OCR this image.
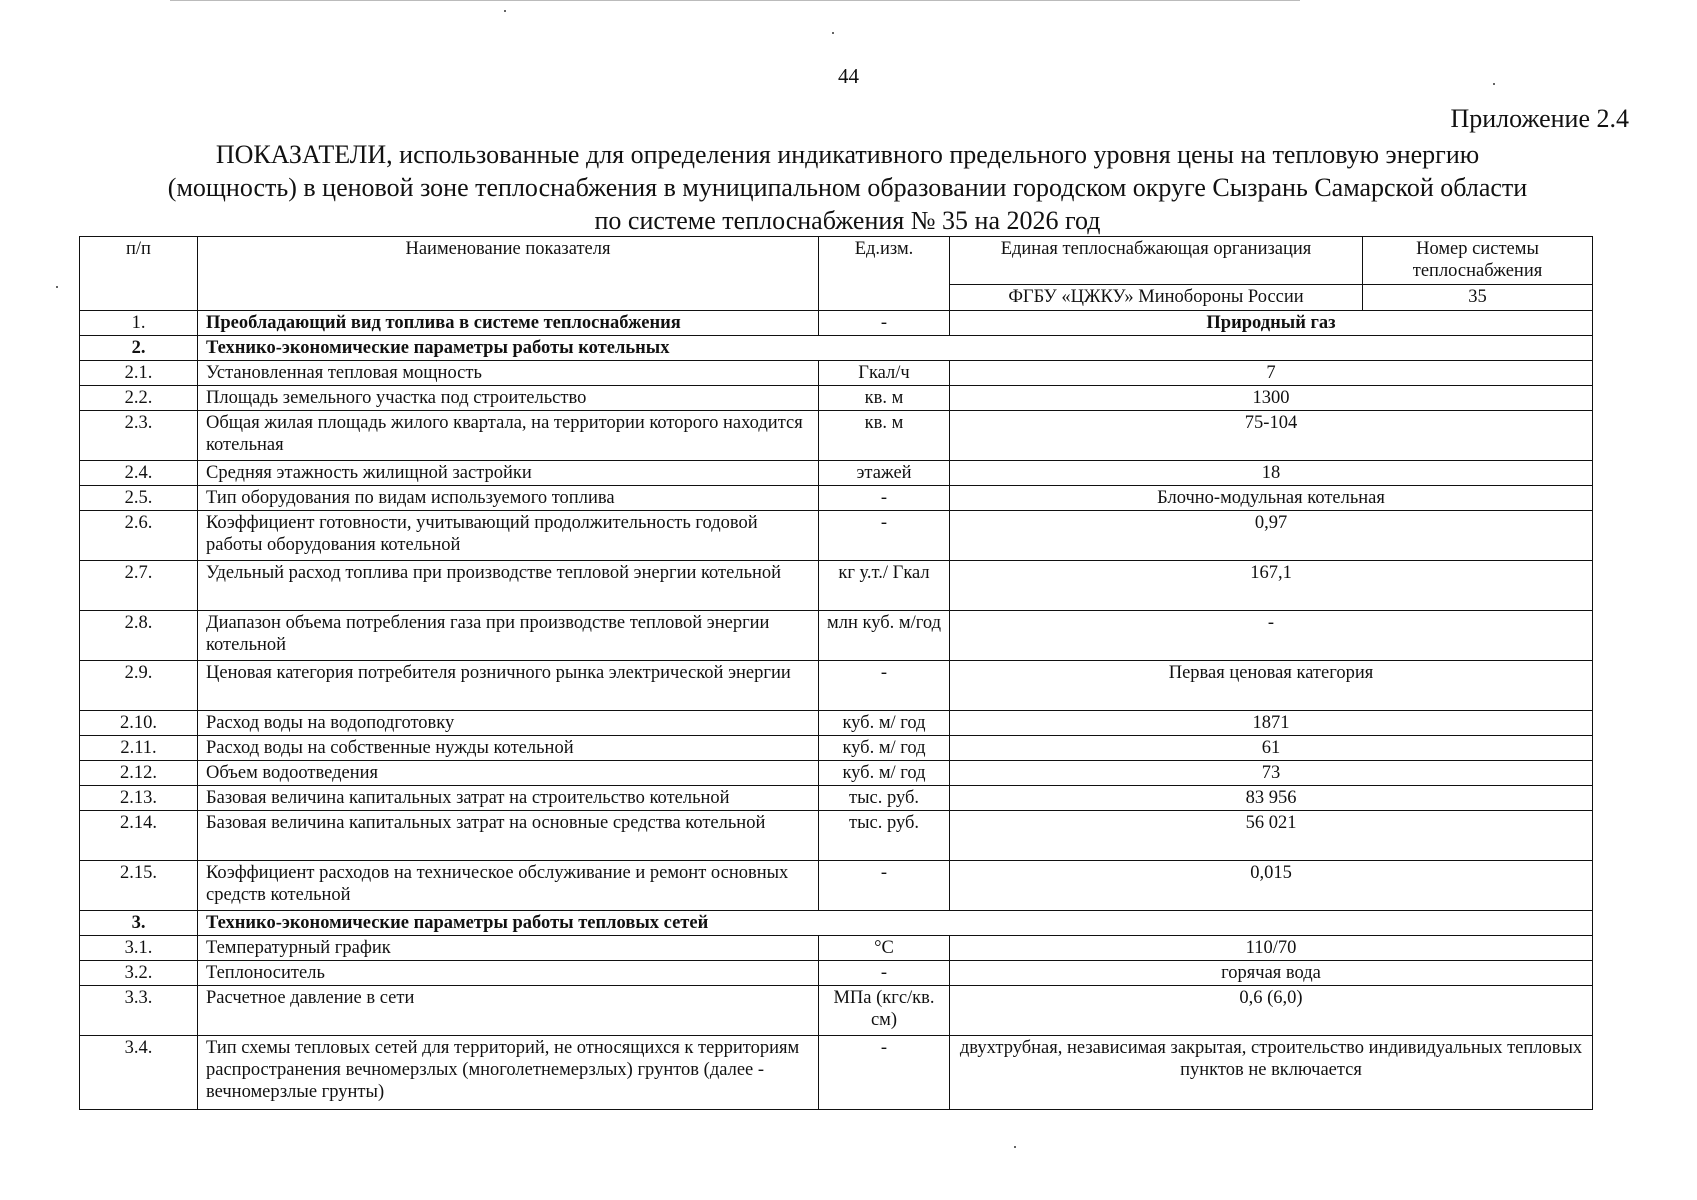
44
Приложение 2.4
ПОКАЗАТЕЛИ, использованные для определения индикативного предельного уровня цены на тепловую энергию
(мощность) в ценовой зоне теплоснабжения в муниципальном образовании городском округе Сызрань Самарской области
по системе теплоснабжения № 35 на 2026 год
п/п	Наименование показателя	Ед.изм.	Единая теплоснабжающая организация	Номер системы теплоснабжения
			ФГБУ «ЦЖКУ» Минобороны России	35
1.	Преобладающий вид топлива в системе теплоснабжения	-	Природный газ	
2.	Технико-экономические параметры работы котельных			
2.1.	Установленная тепловая мощность	Гкал/ч	7	
2.2.	Площадь земельного участка под строительство	кв. м	1300	
2.3.	Общая жилая площадь жилого квартала, на территории которого находится котельная	кв. м	75-104	
2.4.	Средняя этажность жилищной застройки	этажей	18	
2.5.	Тип оборудования по видам используемого топлива	-	Блочно-модульная котельная	
2.6.	Коэффициент готовности, учитывающий продолжительность годовой работы оборудования котельной	-	0,97	
2.7.	Удельный расход топлива при производстве тепловой энергии котельной	кг у.т./ Гкал	167,1	
2.8.	Диапазон объема потребления газа при производстве тепловой энергии котельной	млн куб. м/год	-	
2.9.	Ценовая категория потребителя розничного рынка электрической энергии	-	Первая ценовая категория	
2.10.	Расход воды на водоподготовку	куб. м/ год	1871	
2.11.	Расход воды на собственные нужды котельной	куб. м/ год	61	
2.12.	Объем водоотведения	куб. м/ год	73	
2.13.	Базовая величина капитальных затрат на строительство котельной	тыс. руб.	83 956	
2.14.	Базовая величина капитальных затрат на основные средства котельной	тыс. руб.	56 021	
2.15.	Коэффициент расходов на техническое обслуживание и ремонт основных средств котельной	-	0,015	
3.	Технико-экономические параметры работы тепловых сетей			
3.1.	Температурный график	°С	110/70	
3.2.	Теплоноситель	-	горячая вода	
3.3.	Расчетное давление в сети	МПа (кгс/кв. см)	0,6 (6,0)	
3.4.	Тип схемы тепловых сетей для территорий, не относящихся к территориям распространения вечномерзлых (многолетнемерзлых) грунтов (далее - вечномерзлые грунты)	-	двухтрубная, независимая закрытая, строительство индивидуальных тепловых пунктов не включается	
